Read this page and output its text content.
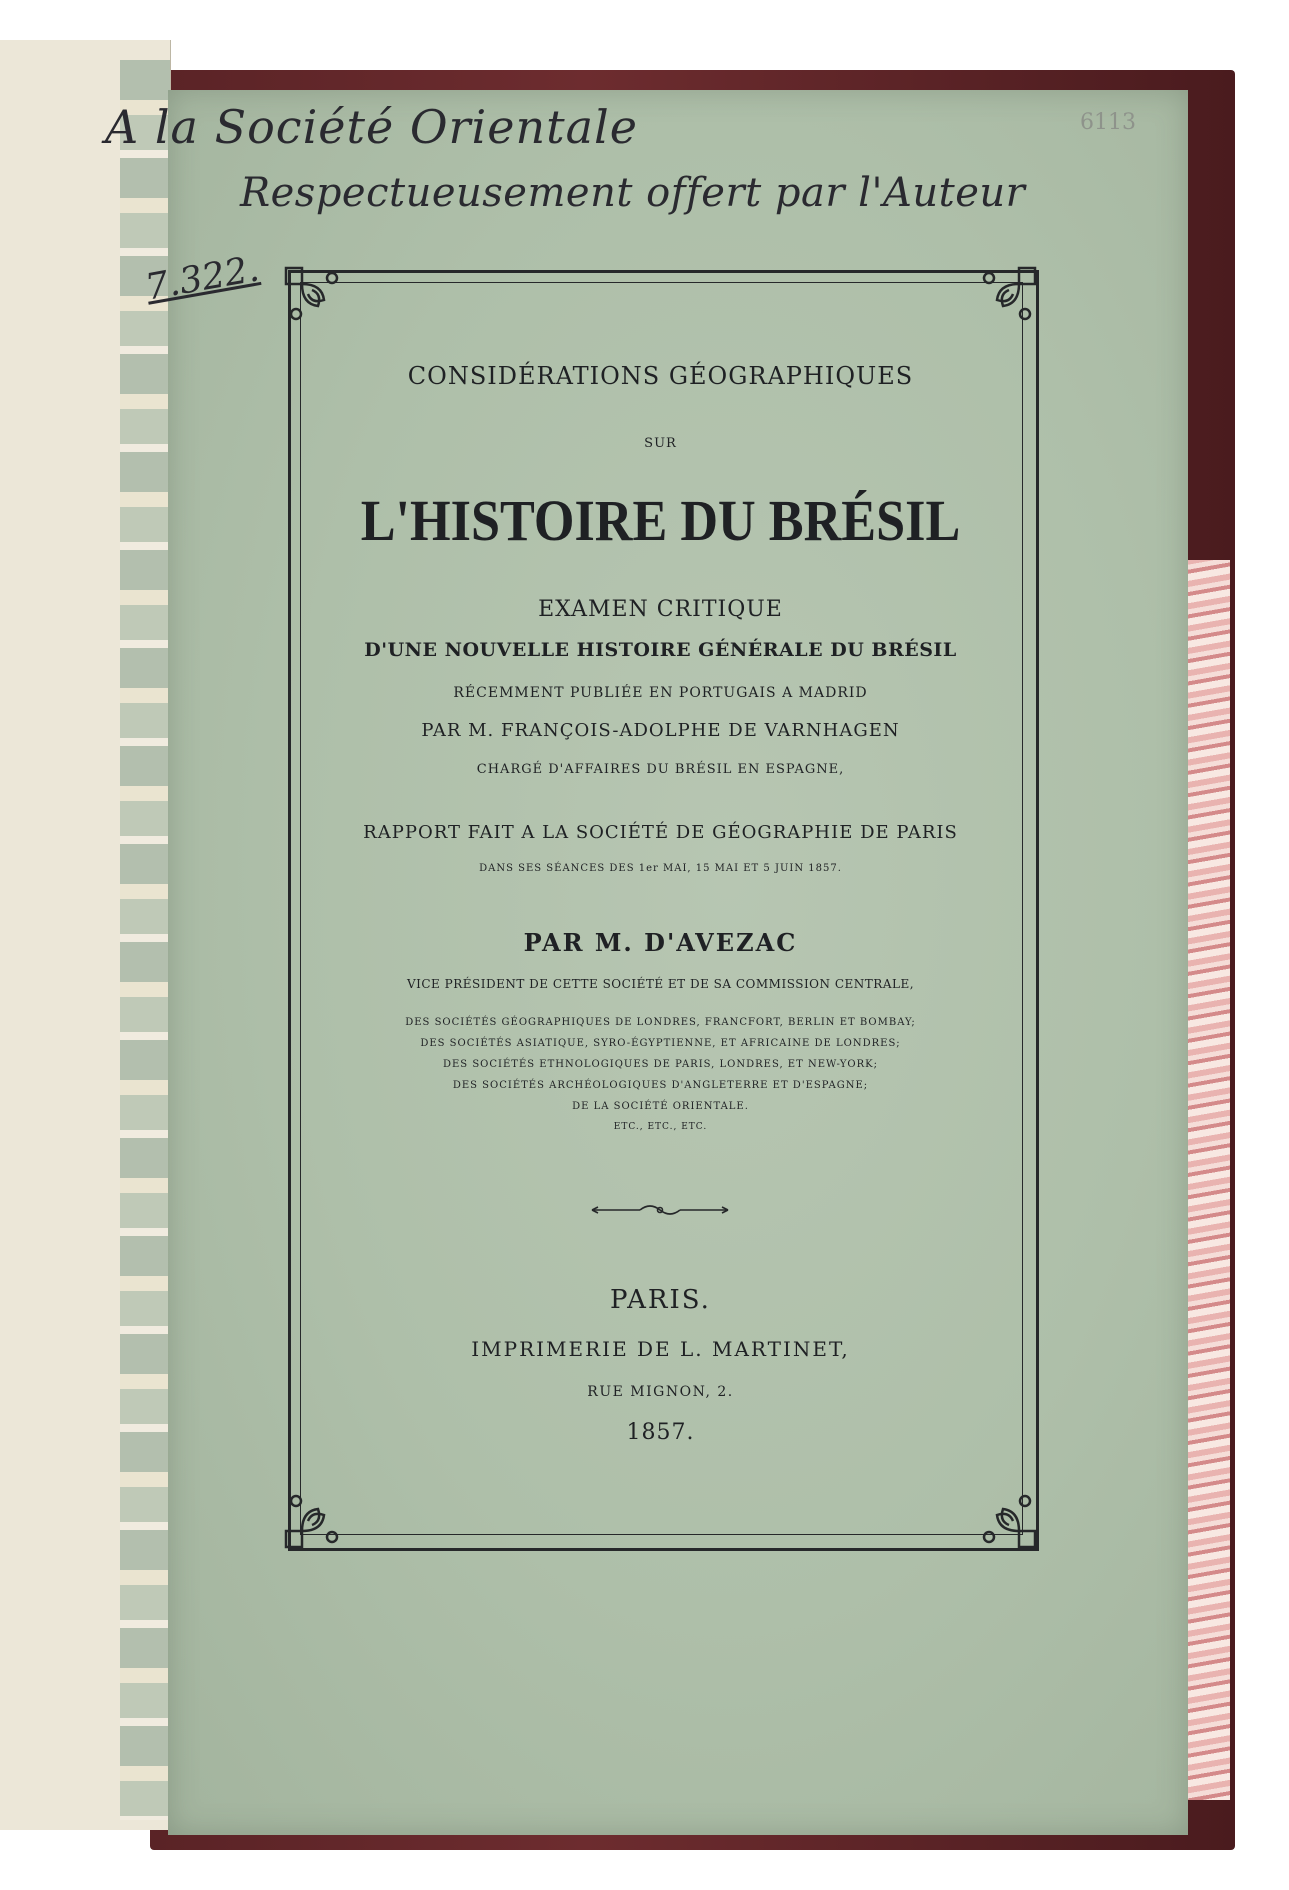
A la Société Orientale
Respectueusement offert par l'Auteur
7.322.
6113
CONSIDÉRATIONS GÉOGRAPHIQUES
SUR
L'HISTOIRE DU BRÉSIL
EXAMEN CRITIQUE
D'UNE NOUVELLE HISTOIRE GÉNÉRALE DU BRÉSIL
RÉCEMMENT PUBLIÉE EN PORTUGAIS A MADRID
PAR M. FRANÇOIS-ADOLPHE DE VARNHAGEN
CHARGÉ D'AFFAIRES DU BRÉSIL EN ESPAGNE,
RAPPORT FAIT A LA SOCIÉTÉ DE GÉOGRAPHIE DE PARIS
DANS SES SÉANCES DES 1er MAI, 15 MAI ET 5 JUIN 1857.
PAR M. D'AVEZAC
VICE PRÉSIDENT DE CETTE SOCIÉTÉ ET DE SA COMMISSION CENTRALE,
DES SOCIÉTÉS GÉOGRAPHIQUES DE LONDRES, FRANCFORT, BERLIN ET BOMBAY;
DES SOCIÉTÉS ASIATIQUE, SYRO-ÉGYPTIENNE, ET AFRICAINE DE LONDRES;
DES SOCIÉTÉS ETHNOLOGIQUES DE PARIS, LONDRES, ET NEW-YORK;
DES SOCIÉTÉS ARCHÉOLOGIQUES D'ANGLETERRE ET D'ESPAGNE;
DE LA SOCIÉTÉ ORIENTALE.
ETC., ETC., ETC.
PARIS.
IMPRIMERIE DE L. MARTINET,
RUE MIGNON, 2.
1857.
